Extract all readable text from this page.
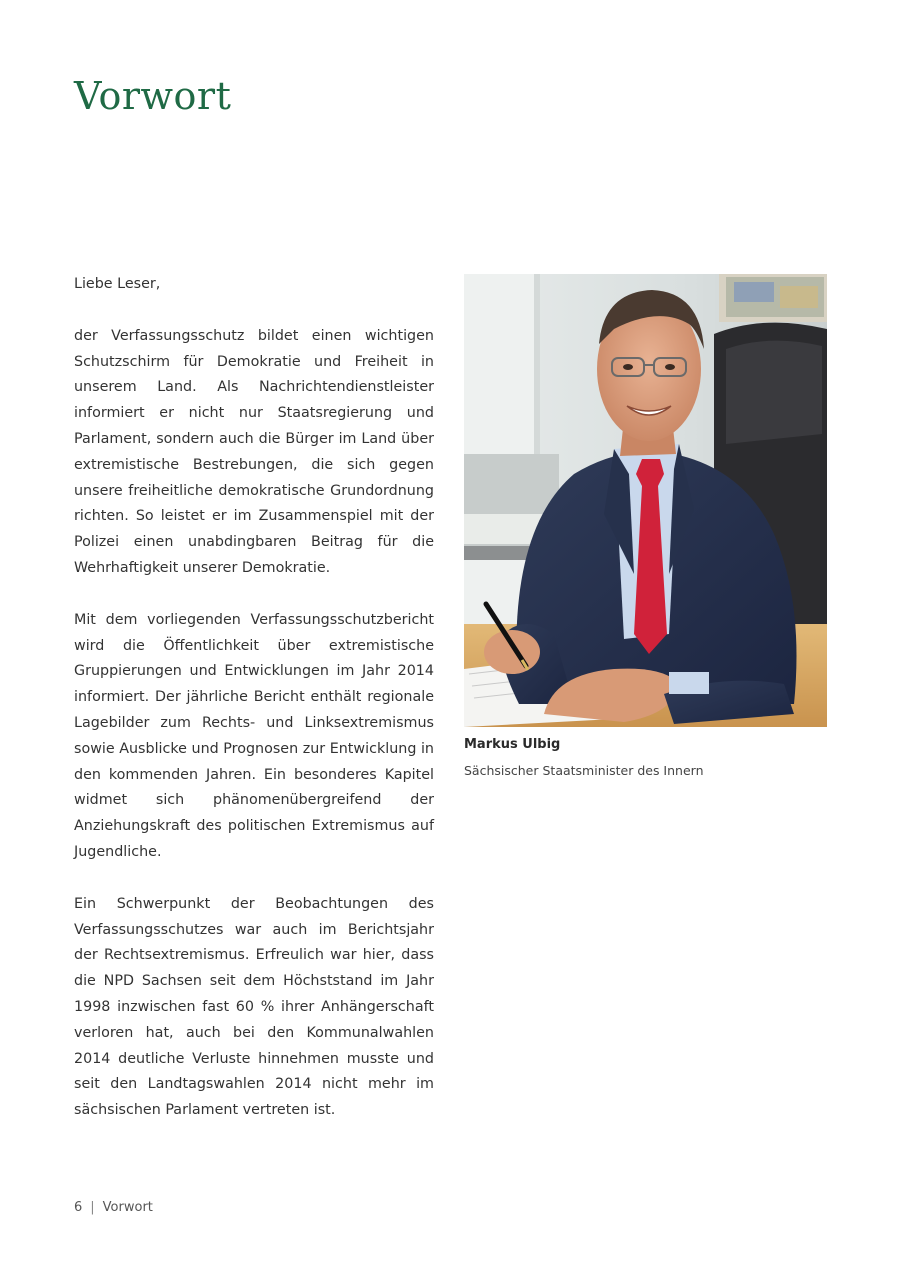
Vorwort

Liebe Leser,

der Verfassungsschutz bildet einen wichtigen Schutzschirm für Demokratie und Freiheit in unserem Land. Als Nachrichtendienstleister informiert er nicht nur Staatsregierung und Parlament, sondern auch die Bürger im Land über extremistische Bestrebungen, die sich gegen unsere freiheitliche demokratische Grundordnung richten. So leistet er im Zusammenspiel mit der Polizei einen unabdingbaren Beitrag für die Wehrhaftigkeit unserer Demokratie.

Mit dem vorliegenden Verfassungsschutzbericht wird die Öffentlichkeit über extremistische Gruppierungen und Entwicklungen im Jahr 2014 informiert. Der jährliche Bericht enthält regionale Lagebilder zum Rechts- und Linksextremismus sowie Ausblicke und Prognosen zur Entwicklung in den kommenden Jahren. Ein besonderes Kapitel widmet sich phänomenübergreifend der Anziehungskraft des politischen Extremismus auf Jugendliche.

Ein Schwerpunkt der Beobachtungen des Verfassungsschutzes war auch im Berichtsjahr der Rechtsextremismus. Erfreulich war hier, dass die NPD Sachsen seit dem Höchststand im Jahr 1998 inzwischen fast 60 % ihrer Anhängerschaft verloren hat, auch bei den Kommunalwahlen 2014 deutliche Verluste hinnehmen musste und seit den Landtagswahlen 2014 nicht mehr im sächsischen Parlament vertreten ist.

Markus Ulbig
Sächsischer Staatsminister des Innern
6 | Vorwort
